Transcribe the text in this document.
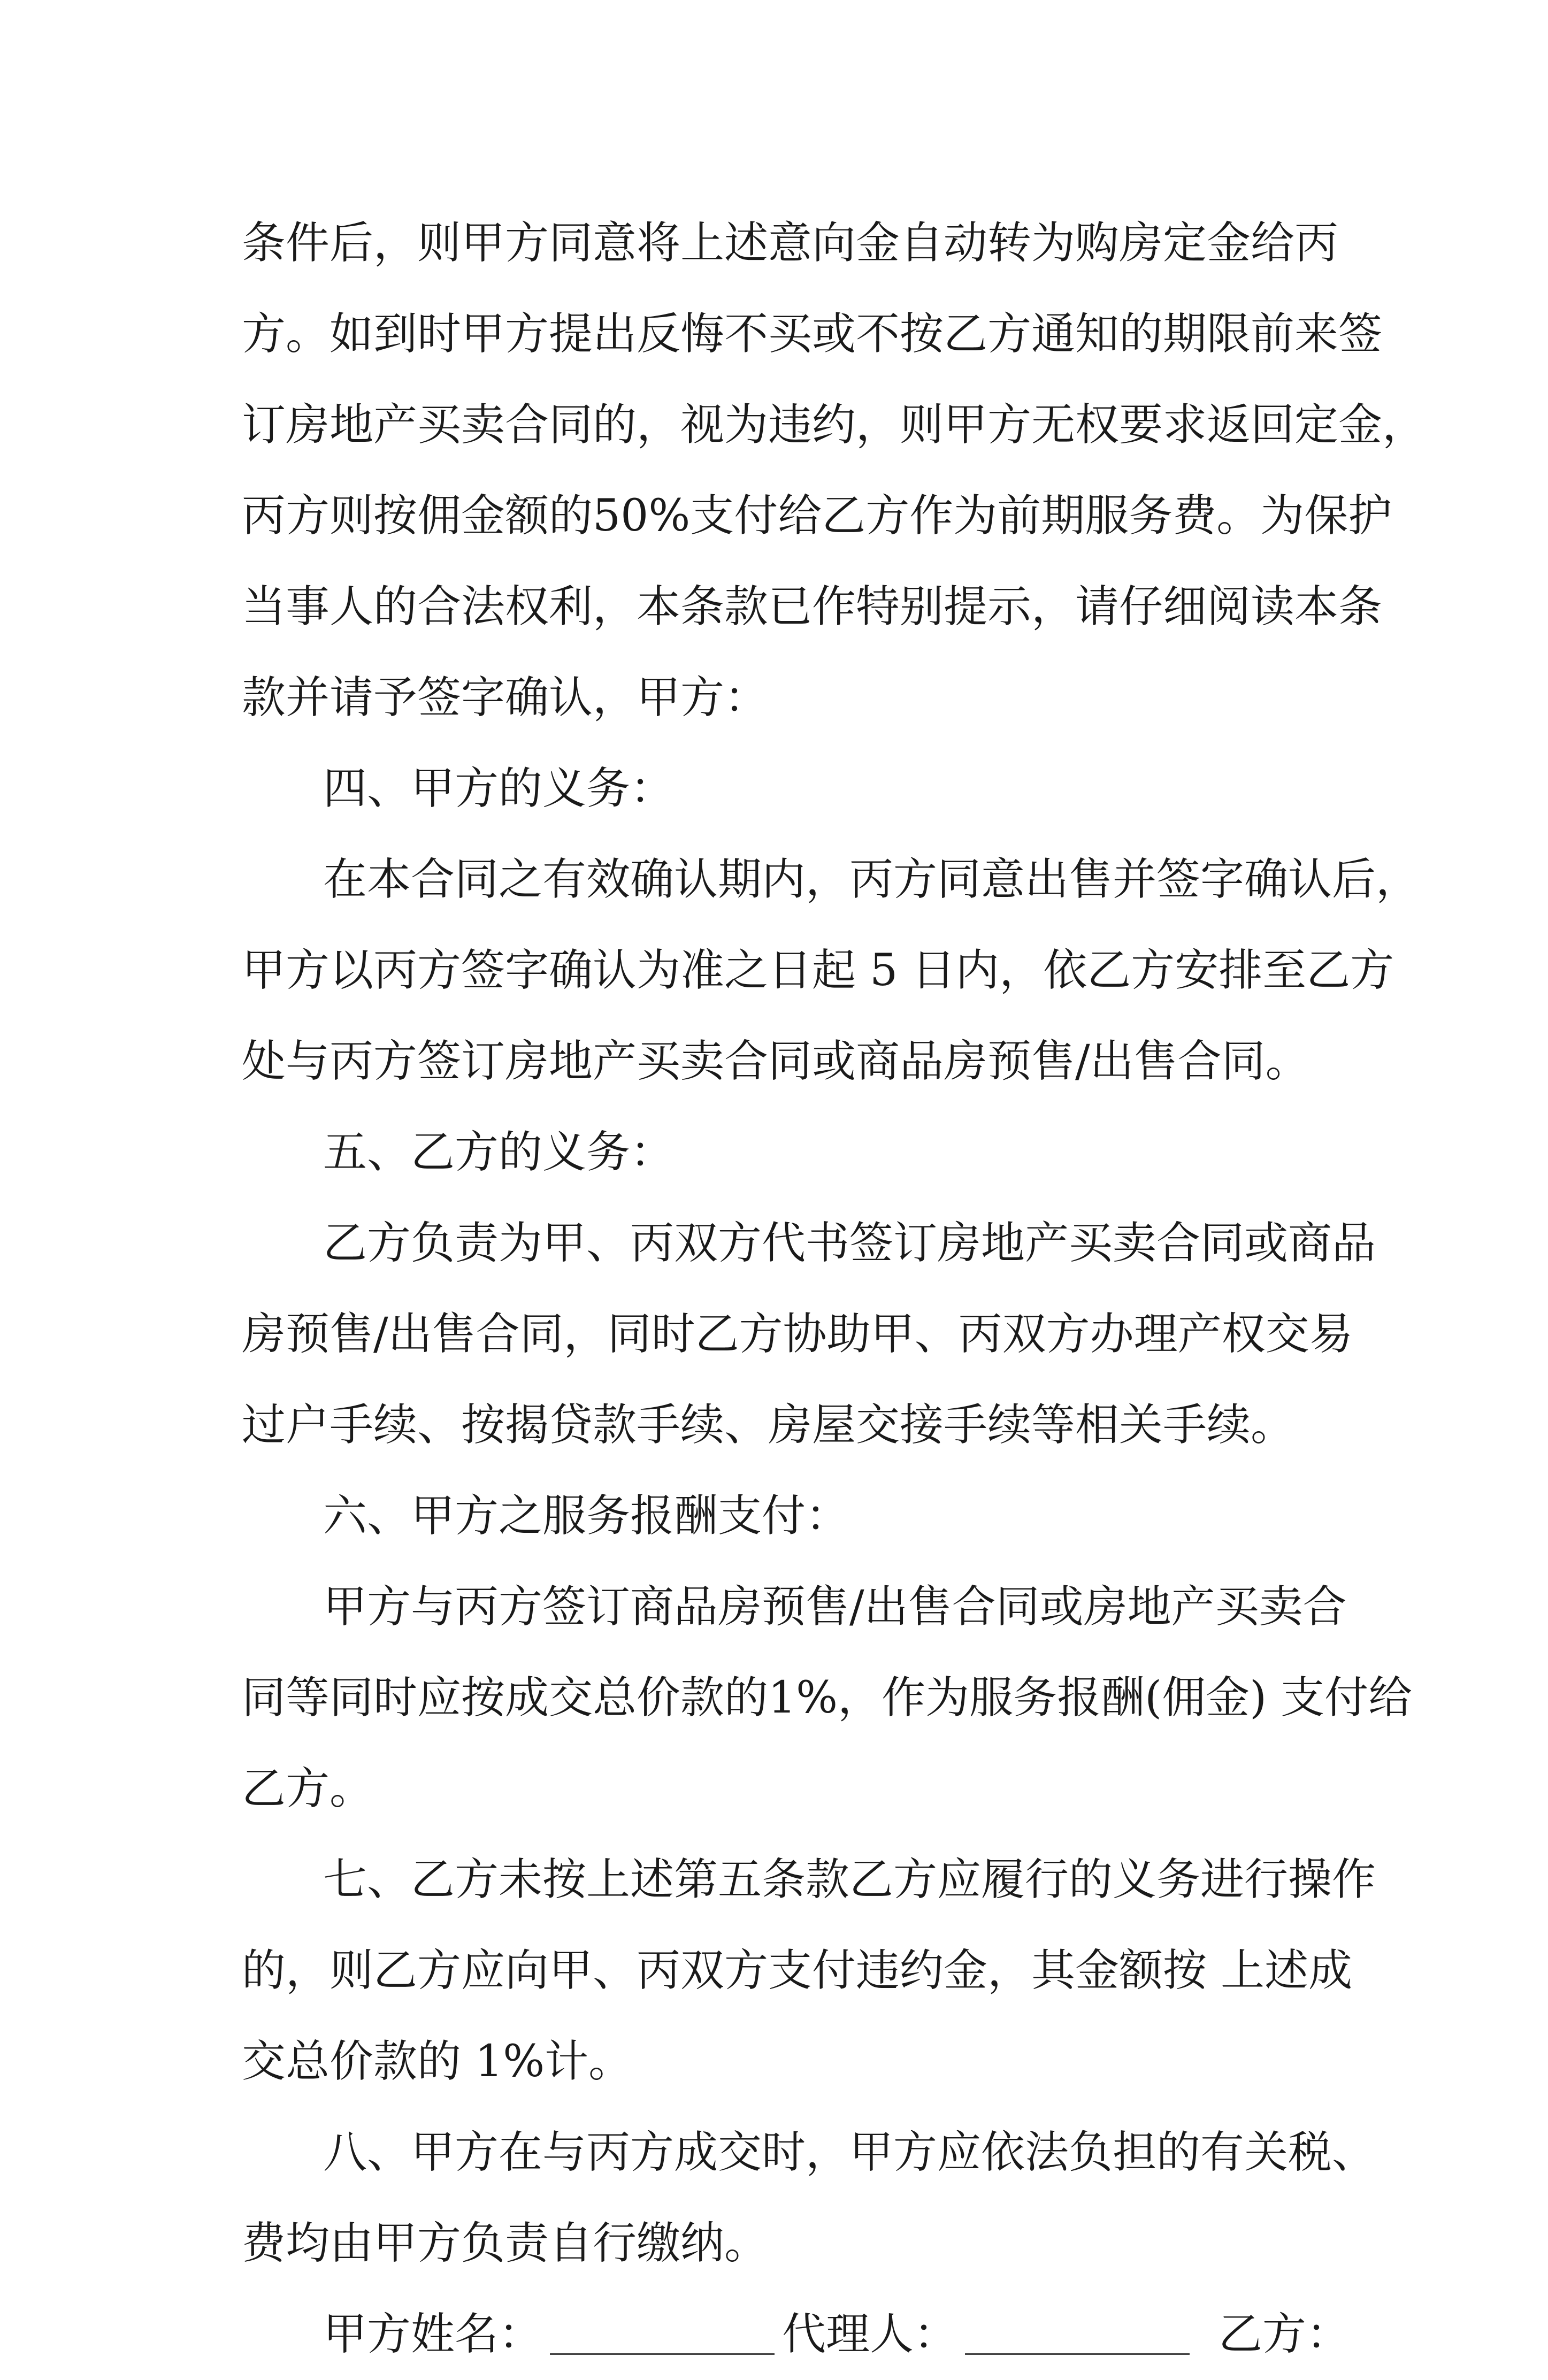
条件后，则甲方同意将上述意向金自动转为购房定金给丙
方。如到时甲方提出反悔不买或不按乙方通知的期限前来签
订房地产买卖合同的，视为违约，则甲方无权要求返回定金，
丙方则按佣金额的50%支付给乙方作为前期服务费。为保护
当事人的合法权利，本条款已作特别提示，请仔细阅读本条
款并请予签字确认，甲方：
四、甲方的义务：
在本合同之有效确认期内，丙方同意出售并签字确认后，
甲方以丙方签字确认为准之日起 5 日内，依乙方安排至乙方
处与丙方签订房地产买卖合同或商品房预售/出售合同。
五、乙方的义务：
乙方负责为甲、丙双方代书签订房地产买卖合同或商品
房预售/出售合同，同时乙方协助甲、丙双方办理产权交易
过户手续、按揭贷款手续、房屋交接手续等相关手续。
六、甲方之服务报酬支付：
甲方与丙方签订商品房预售/出售合同或房地产买卖合
同等同时应按成交总价款的1%，作为服务报酬(佣金) 支付给
乙方。
七、乙方未按上述第五条款乙方应履行的义务进行操作
的，则乙方应向甲、丙双方支付违约金，其金额按 上述成
交总价款的 1%计。
八、甲方在与丙方成交时，甲方应依法负担的有关税、
费均由甲方负责自行缴纳。
甲方姓名：	代理人：	乙方：
